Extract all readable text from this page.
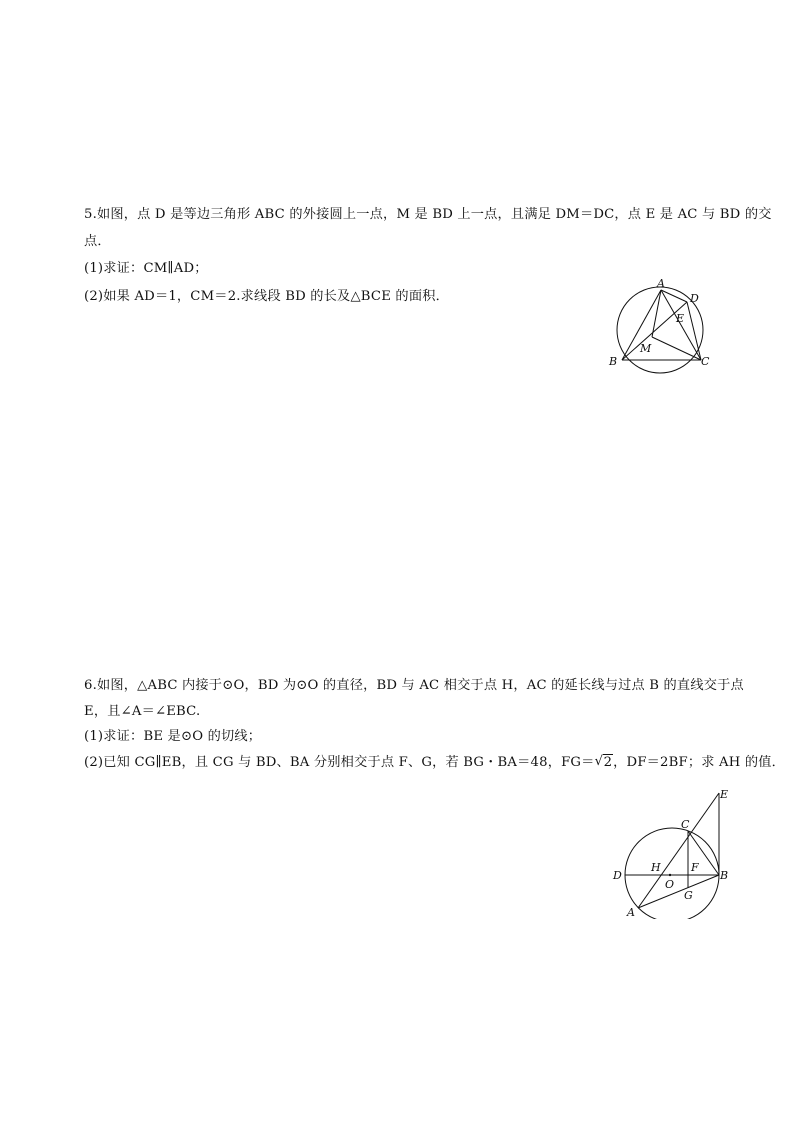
5.如图，点 D 是等边三角形 ABC 的外接圆上一点，M 是 BD 上一点，且满足 DM＝DC，点 E 是 AC 与 BD 的交
点．
(1)求证：CM∥AD；
(2)如果 AD＝1，CM＝2.求线段 BD 的长及△BCE 的面积．
A
D
E
M
B	C
6.如图，△ABC 内接于⊙O，BD 为⊙O 的直径，BD 与 AC 相交于点 H，AC 的延长线与过点 B 的直线交于点
E，且∠A＝∠EBC.
(1)求证：BE 是⊙O 的切线；
(2)已知 CG∥EB，且 CG 与 BD、BA 分别相交于点 F、G，若 BG・BA＝48，FG＝ √ 2，DF＝2BF；求 AH 的值．
E
C
H	F
D	B
O
G
A
